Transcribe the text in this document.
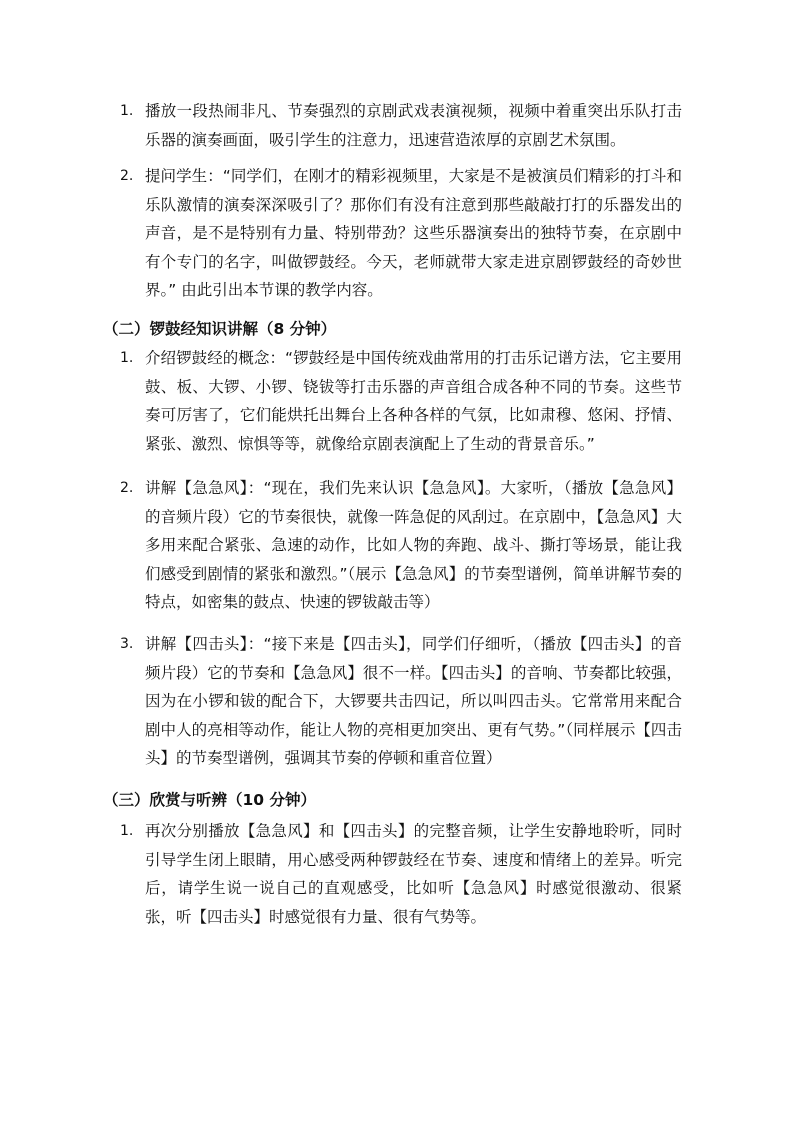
1. 播放一段热闹非凡、节奏强烈的京剧武戏表演视频，视频中着重突出乐队打击乐器的演奏画面，吸引学生的注意力，迅速营造浓厚的京剧艺术氛围。
2. 提问学生：“同学们，在刚才的精彩视频里，大家是不是被演员们精彩的打斗和乐队激情的演奏深深吸引了？那你们有没有注意到那些敲敲打打的乐器发出的声音，是不是特别有力量、特别带劲？这些乐器演奏出的独特节奏，在京剧中有个专门的名字，叫做锣鼓经。今天，老师就带大家走进京剧锣鼓经的奇妙世界。” 由此引出本节课的教学内容。
（二）锣鼓经知识讲解（8 分钟）
1. 介绍锣鼓经的概念：“锣鼓经是中国传统戏曲常用的打击乐记谱方法，它主要用鼓、板、大锣、小锣、铙钹等打击乐器的声音组合成各种不同的节奏。这些节奏可厉害了，它们能烘托出舞台上各种各样的气氛，比如肃穆、悠闲、抒情、紧张、激烈、惊惧等等，就像给京剧表演配上了生动的背景音乐。”
2. 讲解【急急风】：“现在，我们先来认识【急急风】。大家听，（播放【急急风】的音频片段）它的节奏很快，就像一阵急促的风刮过。在京剧中，【急急风】大多用来配合紧张、急速的动作，比如人物的奔跑、战斗、撕打等场景，能让我们感受到剧情的紧张和激烈。”（展示【急急风】的节奏型谱例，简单讲解节奏的特点，如密集的鼓点、快速的锣钹敲击等）
3. 讲解【四击头】：“接下来是【四击头】，同学们仔细听，（播放【四击头】的音频片段）它的节奏和【急急风】很不一样。【四击头】的音响、节奏都比较强，因为在小锣和钹的配合下，大锣要共击四记，所以叫四击头。它常常用来配合剧中人的亮相等动作，能让人物的亮相更加突出、更有气势。”（同样展示【四击头】的节奏型谱例，强调其节奏的停顿和重音位置）
（三）欣赏与听辨（10 分钟）
1. 再次分别播放【急急风】和【四击头】的完整音频，让学生安静地聆听，同时引导学生闭上眼睛，用心感受两种锣鼓经在节奏、速度和情绪上的差异。听完后，请学生说一说自己的直观感受，比如听【急急风】时感觉很激动、很紧张，听【四击头】时感觉很有力量、很有气势等。
